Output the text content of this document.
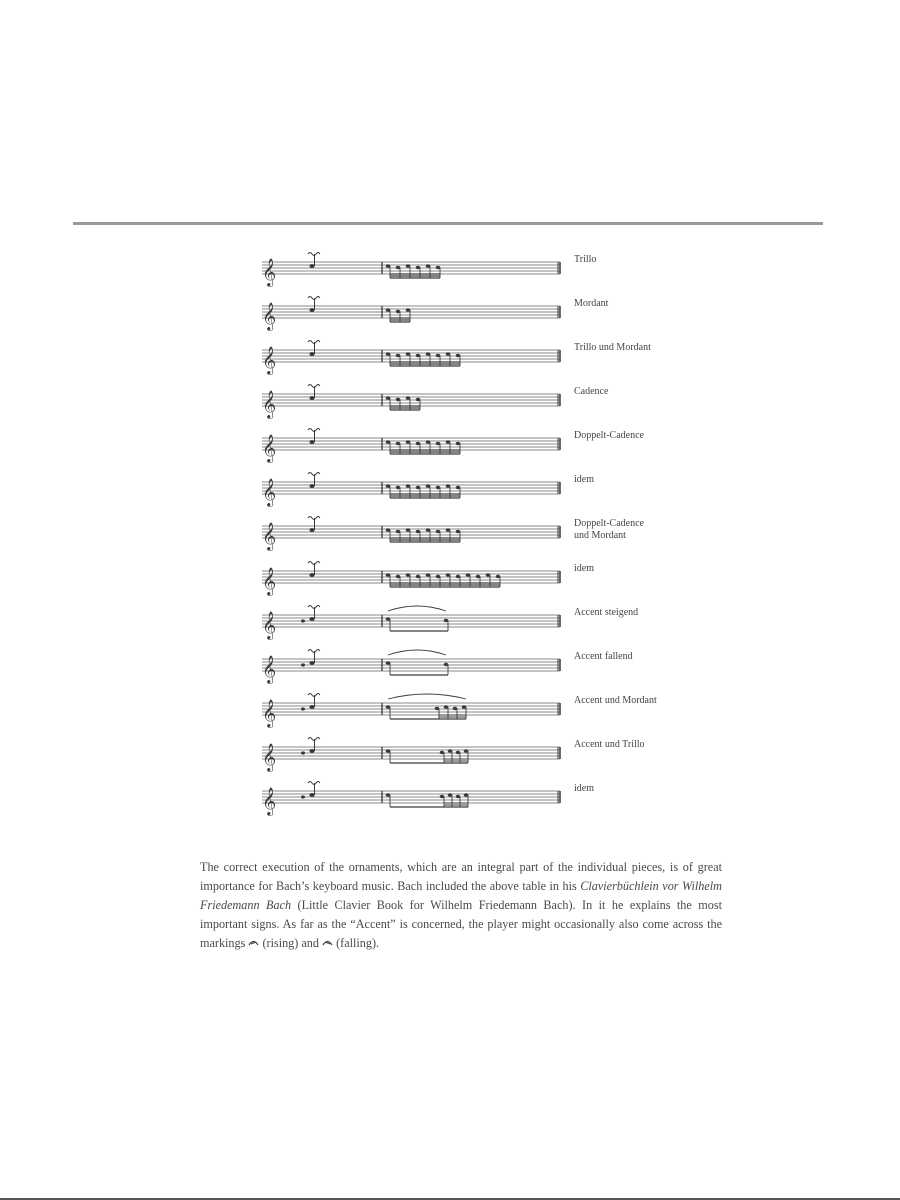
𝄞	Trillo
𝄞	Mordant
𝄞	Trillo und Mordant
𝄞	Cadence
𝄞	Doppelt-Cadence
𝄞	idem
𝄞	Doppelt-Cadence
und Mordant
𝄞	idem
𝄞	Accent steigend
𝄞	Accent fallend
𝄞	Accent und Mordant
𝄞	Accent und Trillo
𝄞	idem

The correct execution of the ornaments, which are an integral part of the individual pieces, is of great importance for Bach’s keyboard music. Bach included the above table in his Clavierbüchlein vor Wilhelm Friedemann Bach (Little Clavier Book for Wilhelm Friedemann Bach). In it he explains the most important signs. As far as the “Accent” is concerned, the player might occasionally also come across the markings  (rising) and  (falling).
